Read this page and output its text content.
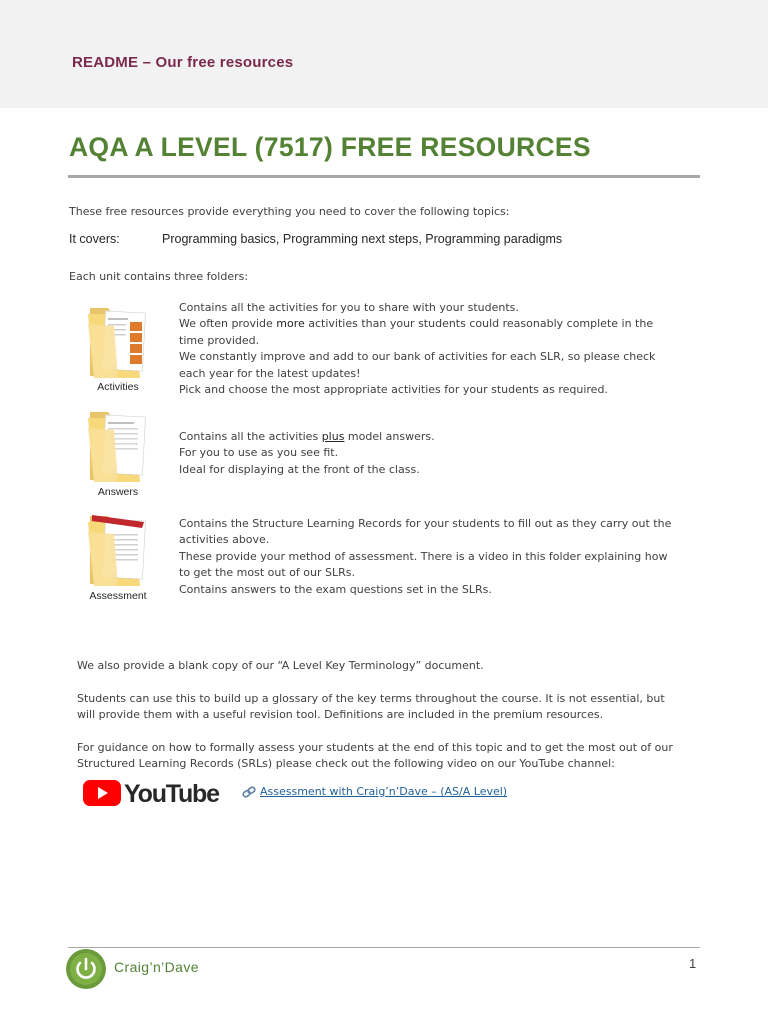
README – Our free resources
AQA A LEVEL (7517) FREE RESOURCES
These free resources provide everything you need to cover the following topics:
It covers:	Programming basics, Programming next steps, Programming paradigms
Each unit contains three folders:
Activities
Contains all the activities for you to share with your students.
We often provide more activities than your students could reasonably complete in the
time provided.
We constantly improve and add to our bank of activities for each SLR, so please check
each year for the latest updates!
Pick and choose the most appropriate activities for your students as required.
Answers
Contains all the activities plus model answers.
For you to use as you see fit.
Ideal for displaying at the front of the class.
Assessment
Contains the Structure Learning Records for your students to fill out as they carry out the
activities above.
These provide your method of assessment. There is a video in this folder explaining how
to get the most out of our SLRs.
Contains answers to the exam questions set in the SLRs.
We also provide a blank copy of our “A Level Key Terminology” document.
Students can use this to build up a glossary of the key terms throughout the course. It is not essential, but
will provide them with a useful revision tool. Definitions are included in the premium resources.
For guidance on how to formally assess your students at the end of this topic and to get the most out of our
Structured Learning Records (SRLs) please check out the following video on our YouTube channel:
YouTube	Assessment with Craig’n’Dave – (AS/A Level)
Craig’n’Dave	1
